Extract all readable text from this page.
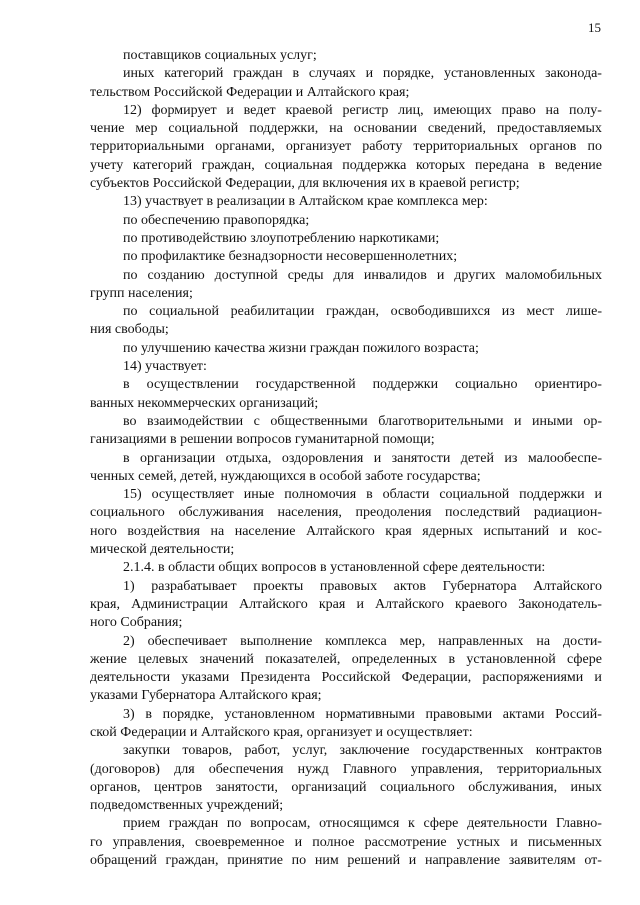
15
поставщиков социальных услуг;
иных категорий граждан в случаях и порядке, установленных законода-
тельством Российской Федерации и Алтайского края;
12) формирует и ведет краевой регистр лиц, имеющих право на полу-
чение мер социальной поддержки, на основании сведений, предоставляемых
территориальными органами, организует работу территориальных органов по
учету категорий граждан, социальная поддержка которых передана в ведение
субъектов Российской Федерации, для включения их в краевой регистр;
13) участвует в реализации в Алтайском крае комплекса мер:
по обеспечению правопорядка;
по противодействию злоупотреблению наркотиками;
по профилактике безнадзорности несовершеннолетних;
по созданию доступной среды для инвалидов и других маломобильных
групп населения;
по социальной реабилитации граждан, освободившихся из мест лише-
ния свободы;
по улучшению качества жизни граждан пожилого возраста;
14) участвует:
в осуществлении государственной поддержки социально ориентиро-
ванных некоммерческих организаций;
во взаимодействии с общественными благотворительными и иными ор-
ганизациями в решении вопросов гуманитарной помощи;
в организации отдыха, оздоровления и занятости детей из малообеспе-
ченных семей, детей, нуждающихся в особой заботе государства;
15) осуществляет иные полномочия в области социальной поддержки и
социального обслуживания населения, преодоления последствий радиацион-
ного воздействия на население Алтайского края ядерных испытаний и кос-
мической деятельности;
2.1.4. в области общих вопросов в установленной сфере деятельности:
1) разрабатывает проекты правовых актов Губернатора Алтайского
края, Администрации Алтайского края и Алтайского краевого Законодатель-
ного Собрания;
2) обеспечивает выполнение комплекса мер, направленных на дости-
жение целевых значений показателей, определенных в установленной сфере
деятельности указами Президента Российской Федерации, распоряжениями и
указами Губернатора Алтайского края;
3) в порядке, установленном нормативными правовыми актами Россий-
ской Федерации и Алтайского края, организует и осуществляет:
закупки товаров, работ, услуг, заключение государственных контрактов
(договоров) для обеспечения нужд Главного управления, территориальных
органов, центров занятости, организаций социального обслуживания, иных
подведомственных учреждений;
прием граждан по вопросам, относящимся к сфере деятельности Главно-
го управления, своевременное и полное рассмотрение устных и письменных
обращений граждан, принятие по ним решений и направление заявителям от-
